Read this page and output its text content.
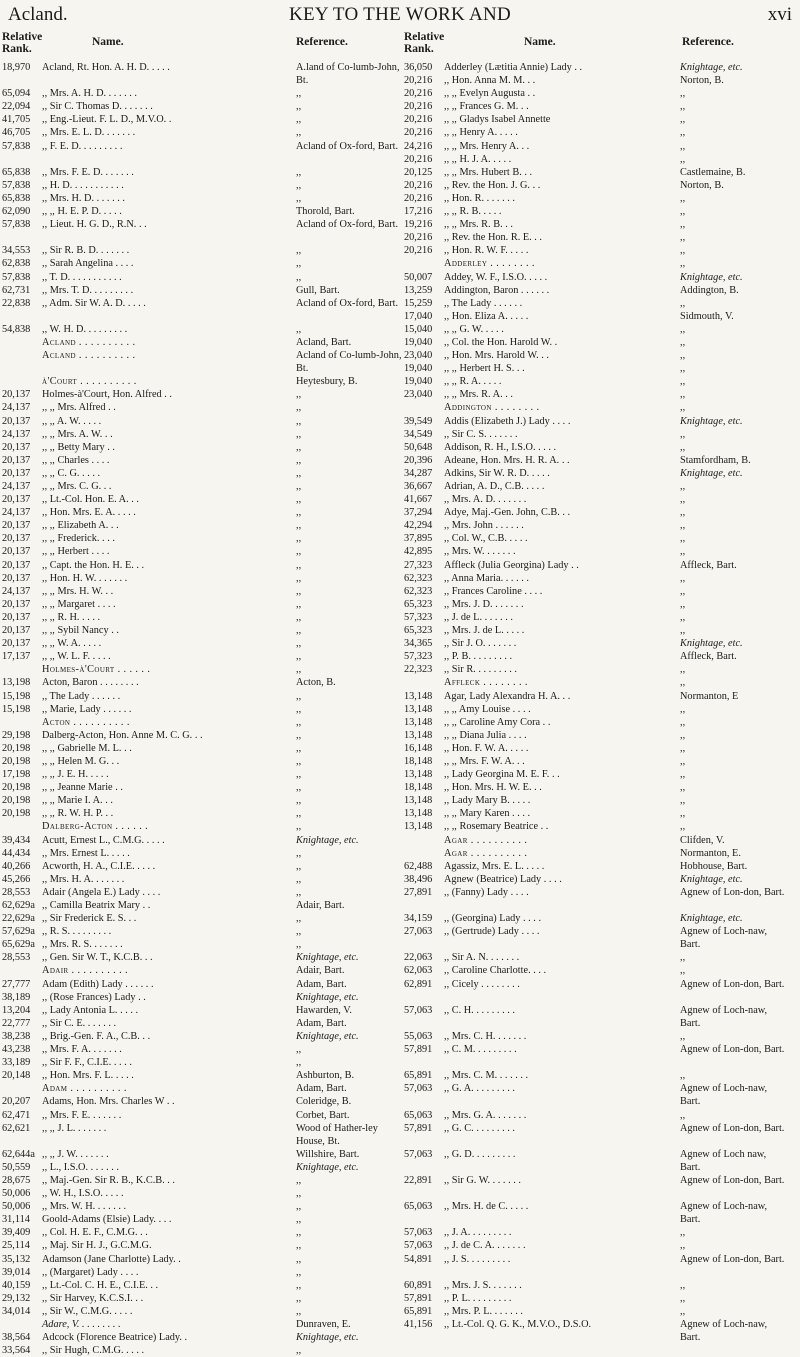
Acland.	KEY TO THE WORK AND	xvi
Relative Rank.
Name.	Reference.
18,970 Acland, Rt. Hon. A. H. D. . . . .	A.land of Co-lumb-John, Bt.
65,094 ,, Mrs. A. H. D. . . . . . .	,,
22,094 ,, Sir C. Thomas D. . . . . . .	,,
41,705 ,, Eng.-Lieut. F. L. D., M.V.O. .	,,
46,705 ,, Mrs. E. L. D. . . . . . .	,,
57,838 ,, F. E. D. . . . . . . . .	Acland of Ox-ford, Bart.
65,838 ,, Mrs. F. E. D. . . . . . .	,,
57,838 ,, H. D. . . . . . . . . . .	,,
65,838 ,, Mrs. H. D. . . . . . .	,,
62,090 ,, ,, H. E. P. D. . . . .	Thorold, Bart.
57,838 ,, Lieut. H. G. D., R.N. . .	Acland of Ox-ford, Bart.
34,553 ,, Sir R. B. D. . . . . . .	,,
62,838 ,, Sarah Angelina . . . .	,,
57,838 ,, T. D. . . . . . . . . . .	,,
62,731 ,, Mrs. T. D. . . . . . . . .	Gull, Bart.
22,838 ,, Adm. Sir W. A. D. . . . .	Acland of Ox-ford, Bart.
54,838 ,, W. H. D. . . . . . . . .	,,
Acland . . . . . . . . . .	Acland, Bart.
Acland . . . . . . . . . .	Acland of Co-lumb-John, Bt.
à'Court . . . . . . . . . .	Heytesbury, B.
20,137 Holmes-à'Court, Hon. Alfred . .	,,
24,137 ,, ,, Mrs. Alfred . .	,,
20,137 ,, ,, A. W. . . . .	,,
24,137 ,, ,, Mrs. A. W. . .	,,
20,137 ,, ,, Betty Mary . .	,,
20,137 ,, ,, Charles . . . .	,,
20,137 ,, ,, C. G. . . . .	,,
24,137 ,, ,, Mrs. C. G. . .	,,
20,137 ,, Lt.-Col. Hon. E. A. . .	,,
24,137 ,, Hon. Mrs. E. A. . . . .	,,
20,137 ,, ,, Elizabeth A. . .	,,
20,137 ,, ,, Frederick. . . .	,,
20,137 ,, ,, Herbert . . . .	,,
20,137 ,, Capt. the Hon. H. E. . .	,,
20,137 ,, Hon. H. W. . . . . . .	,,
24,137 ,, ,, Mrs. H. W. . .	,,
20,137 ,, ,, Margaret . . . .	,,
20,137 ,, ,, R. H. . . . .	,,
20,137 ,, ,, Sybil Nancy . .	,,
20,137 ,, ,, W. A. . . . .	,,
17,137 ,, ,, W. L. F. . . . .	,,
Holmes-à'Court . . . . . .	,,
13,198 Acton, Baron . . . . . . . .	Acton, B.
15,198 ,, The Lady . . . . . .	,,
15,198 ,, Marie, Lady . . . . . .	,,
Acton . . . . . . . . . .	,,
29,198 Dalberg-Acton, Hon. Anne M. C. G. . .	,,
20,198 ,, ,, Gabrielle M. L. . .	,,
20,198 ,, ,, Helen M. G. . .	,,
17,198 ,, ,, J. E. H. . . . .	,,
20,198 ,, ,, Jeanne Marie . .	,,
20,198 ,, ,, Marie I. A. . .	,,
20,198 ,, ,, R. W. H. P. . .	,,
Dalberg-Acton . . . . . .	,,
39,434 Acutt, Ernest L., C.M.G. . . . .	Knightage, etc.
44,434 ,, Mrs. Ernest L. . . . .	,,
40,266 Acworth, H. A., C.I.E. . . . .	,,
45,266 ,, Mrs. H. A. . . . . . .	,,
28,553 Adair (Angela E.) Lady . . . .	,,
62,629a ,, Camilla Beatrix Mary . .	Adair, Bart.
22,629a ,, Sir Frederick E. S. . .	,,
57,629a ,, R. S. . . . . . . . .	,,
65,629a ,, Mrs. R. S. . . . . . .	,,
28,553 ,, Gen. Sir W. T., K.C.B. . .	Knightage, etc.
Adair . . . . . . . . . .	Adair, Bart.
27,777 Adam (Edith) Lady . . . . . .	Adam, Bart.
38,189 ,, (Rose Frances) Lady . .	Knightage, etc.
13,204 ,, Lady Antonia L. . . . .	Hawarden, V.
22,777 ,, Sir C. E. . . . . . .	Adam, Bart.
38,238 ,, Brig.-Gen. F. A., C.B. . .	Knightage, etc.
43,238 ,, Mrs. F. A. . . . . . .	,,
33,189 ,, Sir F. F., C.I.E. . . . .	,,
20,148 ,, Hon. Mrs. F. L. . . . .	Ashburton, B.
Adam . . . . . . . . . .	Adam, Bart.
20,207 Adams, Hon. Mrs. Charles W . .	Coleridge, B.
62,471 ,, Mrs. F. E. . . . . . .	Corbet, Bart.
62,621 ,, ,, J. L. . . . . . .	Wood of Hather-ley House, Bt.
62,644a ,, ,, J. W. . . . . . .	Willshire, Bart.
50,559 ,, L., I.S.O. . . . . . .	Knightage, etc.
28,675 ,, Maj.-Gen. Sir R. B., K.C.B. . .	,,
50,006 ,, W. H., I.S.O. . . . .	,,
50,006 ,, Mrs. W. H. . . . . . .	,,
31,114 Goold-Adams (Elsie) Lady. . . .	,,
39,409 ,, Col. H. E. F., C.M.G. . .	,,
25,114 ,, Maj. Sir H. J., G.C.M.G.	,,
35,132 Adamson (Jane Charlotte) Lady. .	,,
39,014 ,, (Margaret) Lady . . . .	,,
40,159 ,, Lt.-Col. C. H. E., C.I.E. . .	,,
29,132 ,, Sir Harvey, K.C.S.I. . .	,,
34,014 ,, Sir W., C.M.G. . . . .	,,
Adare, V. . . . . . . . .	Dunraven, E.
38,564 Adcock (Florence Beatrice) Lady. .	Knightage, etc.
33,564 ,, Sir Hugh, C.M.G. . . . .	,,
Relative Rank.
Name.	Reference.
36,050 Adderley (Lætitia Annie) Lady . .	Knightage, etc.
20,216 ,, Hon. Anna M. M. . .	Norton, B.
20,216 ,, ,, Evelyn Augusta . .	,,
20,216 ,, ,, Frances G. M. . .	,,
20,216 ,, ,, Gladys Isabel Annette	,,
20,216 ,, ,, Henry A. . . . .	,,
24,216 ,, ,, Mrs. Henry A. . .	,,
20,216 ,, ,, H. J. A. . . . .	,,
20,125 ,, ,, Mrs. Hubert B. . .	Castlemaine, B.
20,216 ,, Rev. the Hon. J. G. . .	Norton, B.
20,216 ,, Hon. R. . . . . . .	,,
17,216 ,, ,, R. B. . . . .	,,
19,216 ,, ,, Mrs. R. B. . .	,,
20,216 ,, Rev. the Hon. R. E. . .	,,
20,216 ,, Hon. R. W. F. . . . .	,,
Adderley . . . . . . . .	,,
50,007 Addey, W. F., I.S.O. . . . .	Knightage, etc.
13,259 Addington, Baron . . . . . .	Addington, B.
15,259 ,, The Lady . . . . . .	,,
17,040 ,, Hon. Eliza A. . . . .	Sidmouth, V.
15,040 ,, ,, G. W. . . . .	,,
19,040 ,, Col. the Hon. Harold W. .	,,
23,040 ,, Hon. Mrs. Harold W. . .	,,
19,040 ,, ,, Herbert H. S. . .	,,
19,040 ,, ,, R. A. . . . .	,,
23,040 ,, ,, Mrs. R. A. . .	,,
Addington . . . . . . . .	,,
39,549 Addis (Elizabeth J.) Lady . . . .	Knightage, etc.
34,549 ,, Sir C. S. . . . . . .	,,
50,648 Addison, R. H., I.S.O. . . . .	,,
20,396 Adeane, Hon. Mrs. H. R. A. . .	Stamfordham, B.
34,287 Adkins, Sir W. R. D. . . . .	Knightage, etc.
36,667 Adrian, A. D., C.B. . . . .	,,
41,667 ,, Mrs. A. D. . . . . . .	,,
37,294 Adye, Maj.-Gen. John, C.B. . .	,,
42,294 ,, Mrs. John . . . . . .	,,
37,895 ,, Col. W., C.B. . . . .	,,
42,895 ,, Mrs. W. . . . . . .	,,
27,323 Affleck (Julia Georgina) Lady . .	Affleck, Bart.
62,323 ,, Anna Maria. . . . . .	,,
62,323 ,, Frances Caroline . . . .	,,
65,323 ,, Mrs. J. D. . . . . . .	,,
57,323 ,, J. de L. . . . . . .	,,
65,323 ,, Mrs. J. de L. . . . .	,,
34,365 ,, Sir J. O. . . . . . .	Knightage, etc.
57,323 ,, P. B. . . . . . . . .	Affleck, Bart.
22,323 ,, Sir R. . . . . . . . .	,,
Affleck . . . . . . . .	,,
13,148 Agar, Lady Alexandra H. A. . .	Normanton, E
13,148 ,, ,, Amy Louise . . . .	,,
13,148 ,, ,, Caroline Amy Cora . .	,,
13,148 ,, ,, Diana Julia . . . .	,,
16,148 ,, Hon. F. W. A. . . . .	,,
18,148 ,, ,, Mrs. F. W. A. . .	,,
13,148 ,, Lady Georgina M. E. F. . .	,,
18,148 ,, Hon. Mrs. H. W. E. . .	,,
13,148 ,, Lady Mary B. . . . .	,,
13,148 ,, ,, Mary Karen . . . .	,,
13,148 ,, ,, Rosemary Beatrice . .	,,
Agar . . . . . . . . . .	Clifden, V.
Agar . . . . . . . . . .	Normanton, E.
62,488 Agassiz, Mrs. E. L. . . . .	Hobhouse, Bart.
38,496 Agnew (Beatrice) Lady . . . .	Knightage, etc.
27,891 ,, (Fanny) Lady . . . .	Agnew of Lon-don, Bart.
34,159 ,, (Georgina) Lady . . . .	Knightage, etc.
27,063 ,, (Gertrude) Lady . . . .	Agnew of Loch-naw, Bart.
22,063 ,, Sir A. N. . . . . . .	,,
62,063 ,, Caroline Charlotte. . . .	,,
62,891 ,, Cicely . . . . . . . .	Agnew of Lon-don, Bart.
57,063 ,, C. H. . . . . . . . .	Agnew of Loch-naw, Bart.
55,063 ,, Mrs. C. H. . . . . . .	,,
57,891 ,, C. M. . . . . . . . .	Agnew of Lon-don, Bart.
65,891 ,, Mrs. C. M. . . . . . .	,,
57,063 ,, G. A. . . . . . . . .	Agnew of Loch-naw, Bart.
65,063 ,, Mrs. G. A. . . . . . .	,,
57,891 ,, G. C. . . . . . . . .	Agnew of Lon-don, Bart.
57,063 ,, G. D. . . . . . . . .	Agnew of Loch naw, Bart.
22,891 ,, Sir G. W. . . . . . .	Agnew of Lon-don, Bart.
65,063 ,, Mrs. H. de C. . . . .	Agnew of Loch-naw, Bart.
57,063 ,, J. A. . . . . . . . .	,,
57,063 ,, J. de C. A. . . . . . .	,,
54,891 ,, J. S. . . . . . . . .	Agnew of Lon-don, Bart.
60,891 ,, Mrs. J. S. . . . . . .	,,
57,891 ,, P. L. . . . . . . . .	,,
65,891 ,, Mrs. P. L. . . . . . .	,,
41,156 ,, Lt.-Col. Q. G. K., M.V.O., D.S.O.	Agnew of Loch-naw, Bart.
